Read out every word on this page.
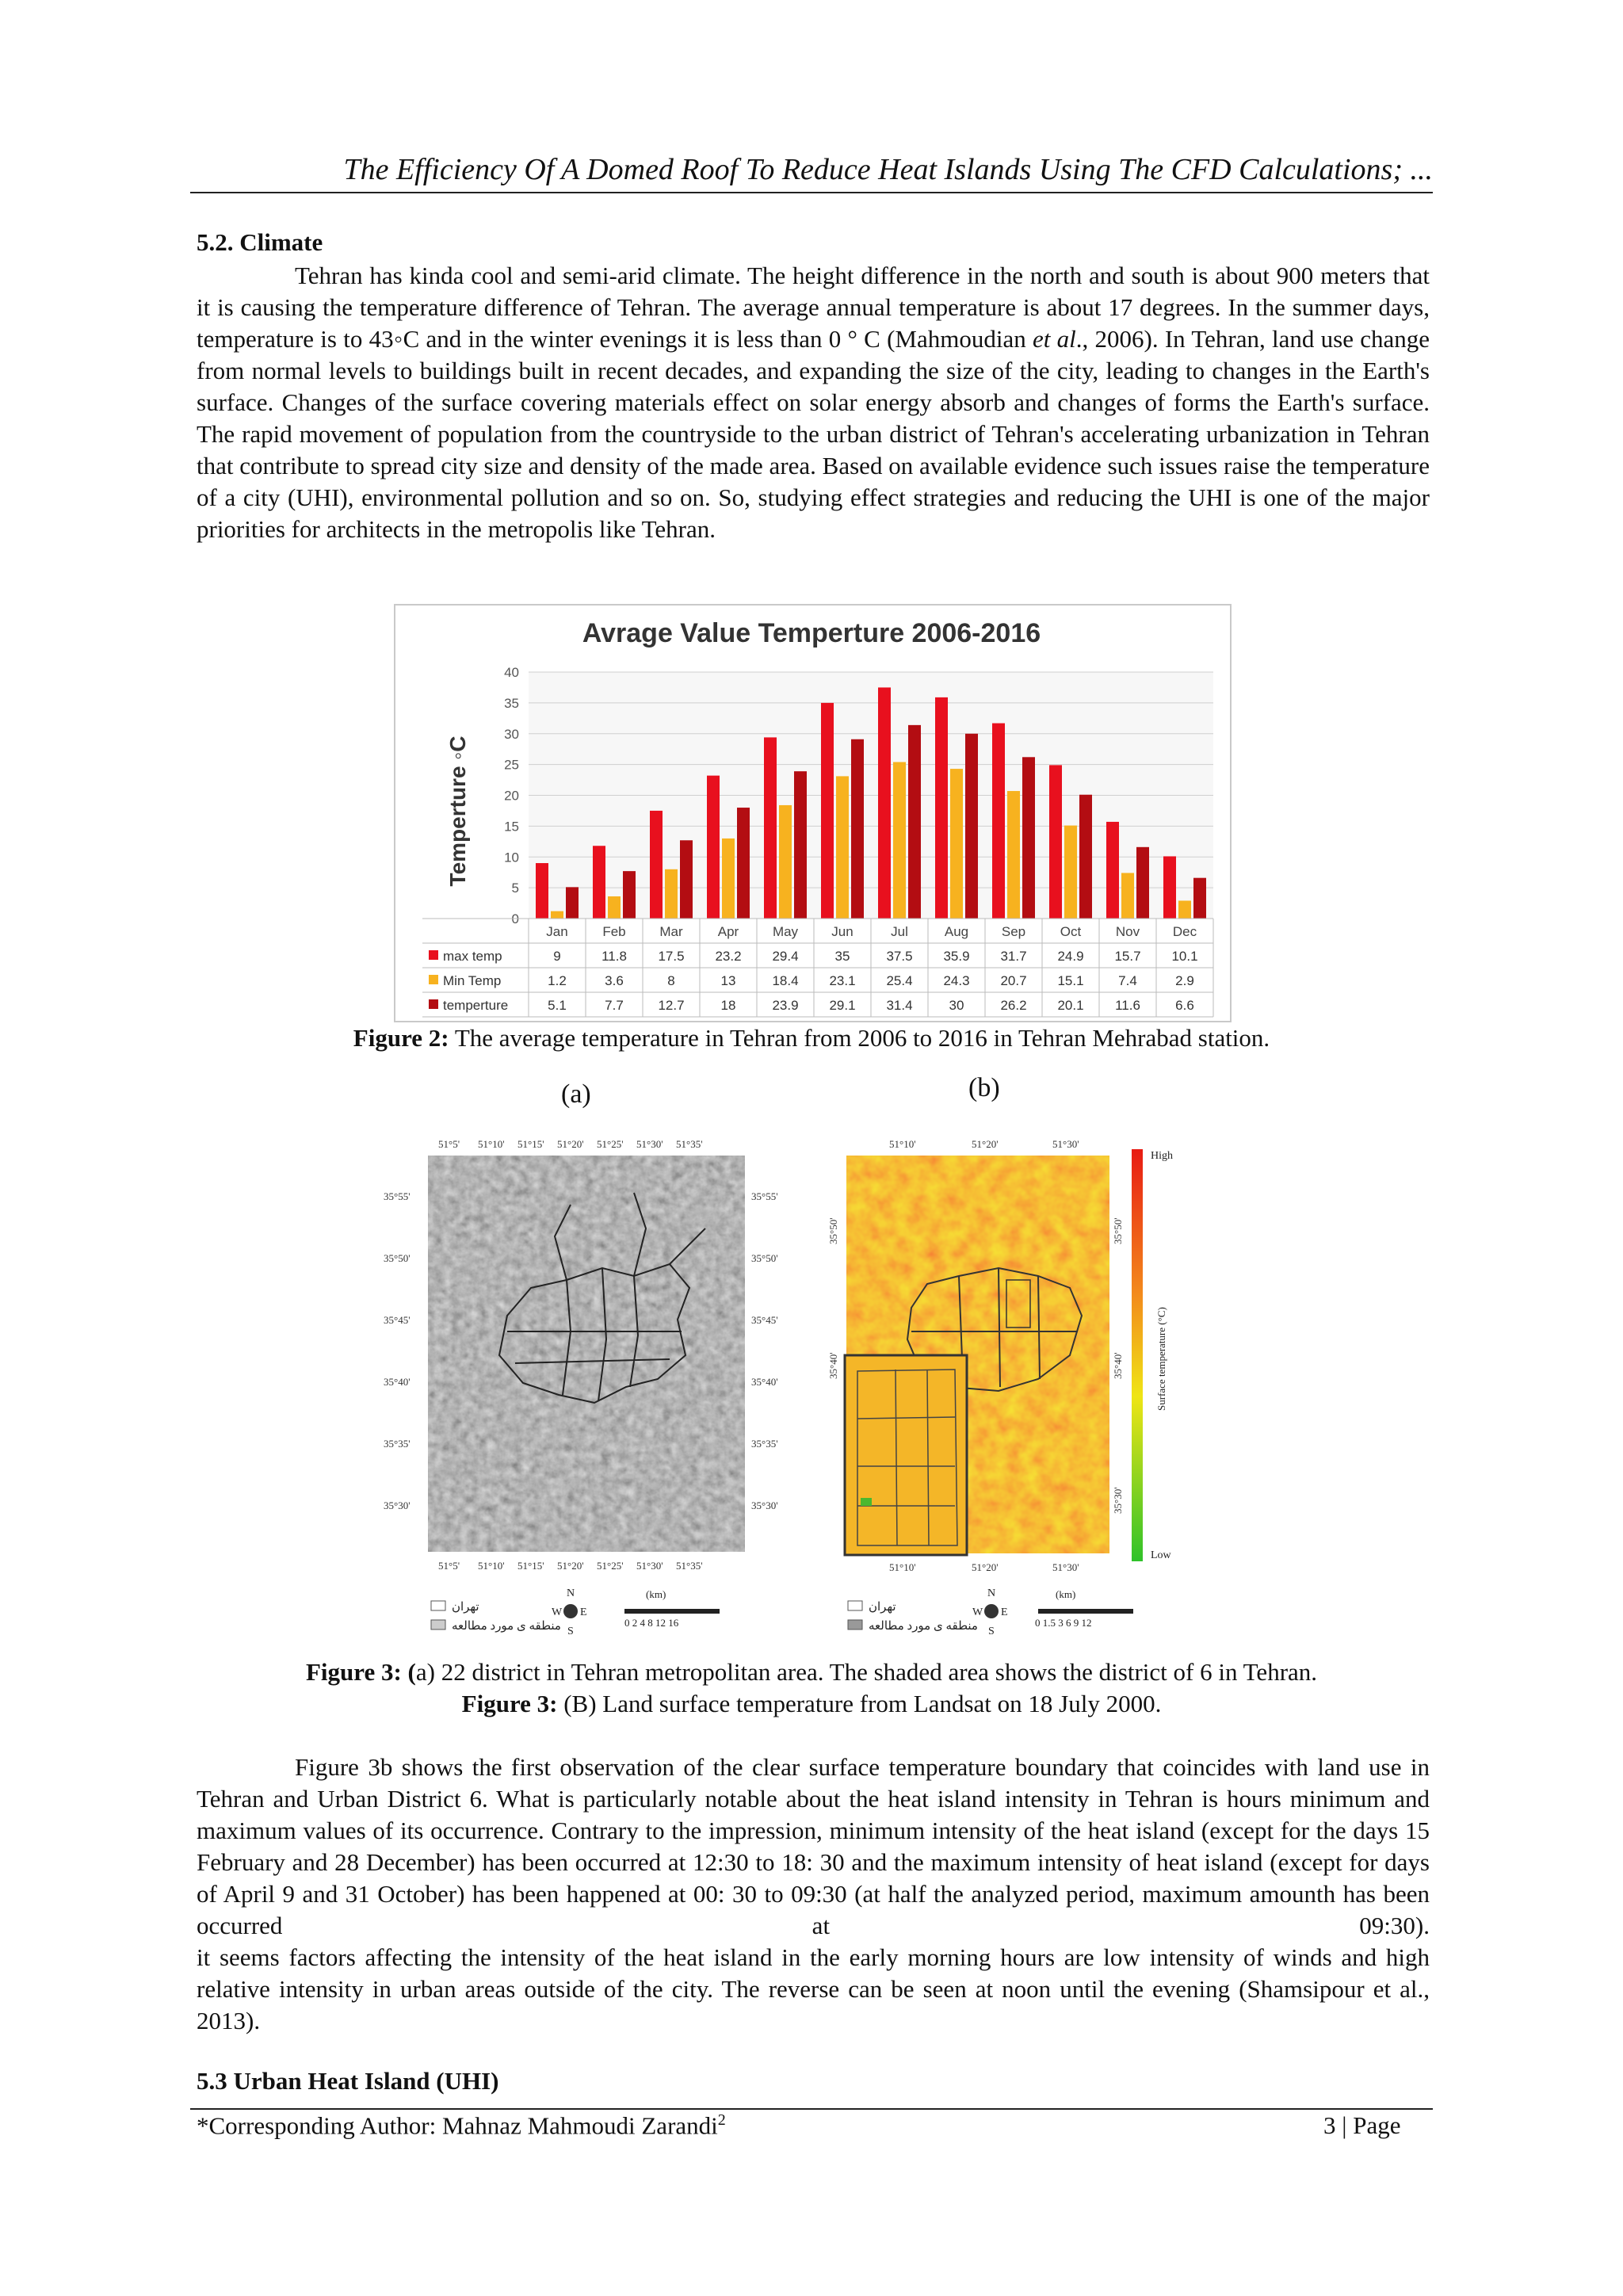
The Efficiency Of A Domed Roof To Reduce Heat Islands Using The CFD Calculations; ...
5.2. Climate
Tehran has kinda cool and semi-arid climate. The height difference in the north and south is about 900 meters that it is causing the temperature difference of Tehran. The average annual temperature is about 17 degrees. In the summer days, temperature is to 43◦C and in the winter evenings it is less than 0 ° C (Mahmoudian et al., 2006). In Tehran, land use change from normal levels to buildings built in recent decades, and expanding the size of the city, leading to changes in the Earth's surface. Changes of the surface covering materials effect on solar energy absorb and changes of forms the Earth's surface. The rapid movement of population from the countryside to the urban district of Tehran's accelerating urbanization in Tehran that contribute to spread city size and density of the made area. Based on available evidence such issues raise the temperature of a city (UHI), environmental pollution and so on. So, studying effect strategies and reducing the UHI is one of the major priorities for architects in the metropolis like Tehran.
Avrage Value Temperture 2006-2016
0
5
10
15
20
25
30
35
40
Temperture ◦C
Jan	Feb	Mar	Apr	May Jun	Jul	Aug Sep	Oct	Nov Dec
max temp	9	11.8 17.5 23.2 29.4	35	37.5 35.9 31.7 24.9 15.7 10.1
Min Temp	1.2	3.6	8	13	18.4 23.1 25.4 24.3 20.7 15.1	7.4	2.9
temperture	5.1	7.7	12.7	18	23.9 29.1 31.4	30	26.2 20.1 11.6	6.6
Figure 2: The average temperature in Tehran from 2006 to 2016 in Tehran Mehrabad station.
(a)	(b)
51°5' 51°10' 51°15' 51°20' 51°25' 51°30' 51°35'
51°5' 51°10' 51°15' 51°20' 51°25' 51°30' 51°35'
35°55'
35°50'
35°45'
35°40'
35°35'
35°30'
35°55'
35°50'
35°45'
35°40'
35°35'
35°30'
تهران
منطقه ی مورد مطالعه
N
W E
S
(km)
0 2 4 8 12 16
51°10'	51°20'	51°30'
51°10'	51°20'	51°30'
35°50'
35°40'
35°50'
35°40'
35°30'
High
Low
Surface temperature (°C)
تهران
منطقه ی مورد مطالعه
N
W E
S
(km)
0 1.5 3 6 9 12
Figure 3: (a) 22 district in Tehran metropolitan area. The shaded area shows the district of 6 in Tehran.
Figure 3: (B) Land surface temperature from Landsat on 18 July 2000.
Figure 3b shows the first observation of the clear surface temperature boundary that coincides with land use in Tehran and Urban District 6. What is particularly notable about the heat island intensity in Tehran is hours minimum and maximum values of its occurrence. Contrary to the impression, minimum intensity of the heat island (except for the days 15 February and 28 December) has been occurred at 12:30 to 18: 30 and the maximum intensity of heat island (except for days of April 9 and 31 October) has been happened at 00: 30 to 09:30 (at half the analyzed period, maximum amounth has been occurred at 09:30).
it seems factors affecting the intensity of the heat island in the early morning hours are low intensity of winds and high relative intensity in urban areas outside of the city. The reverse can be seen at noon until the evening (Shamsipour et al., 2013).
5.3 Urban Heat Island (UHI)
*Corresponding Author: Mahnaz Mahmoudi Zarandi$^2$	3 | Page
